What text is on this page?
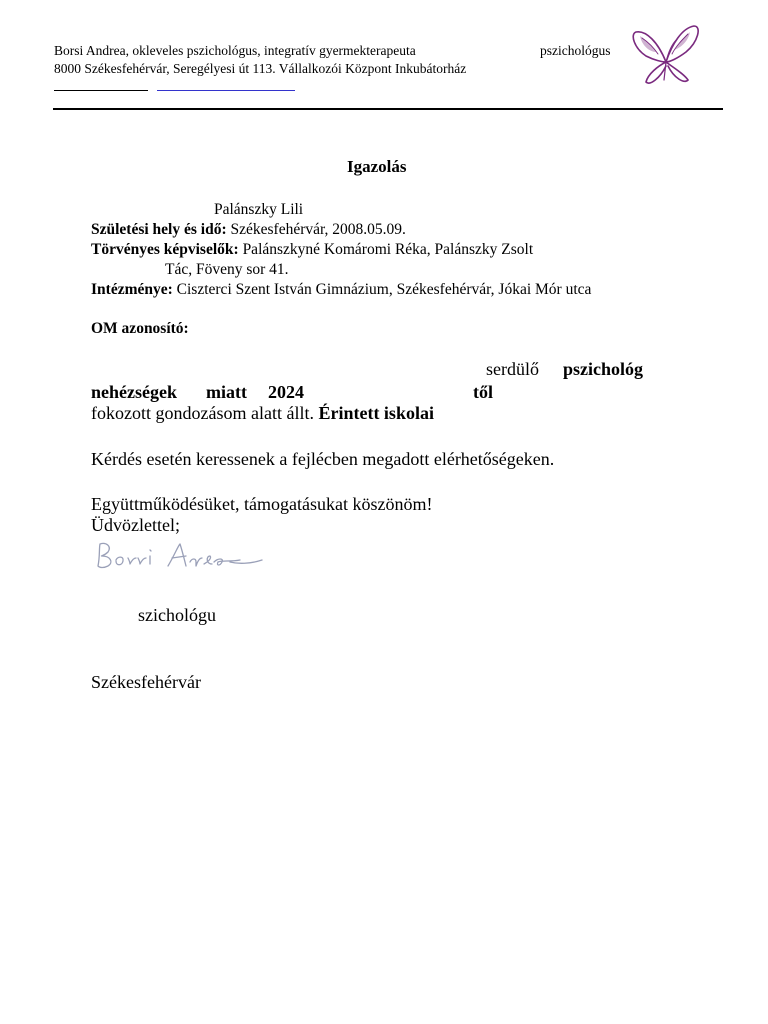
Borsi Andrea, okleveles pszichológus, integratív gyermekterapeuta	pszichológus
8000 Székesfehérvár, Seregélyesi út 113. Vállalkozói Központ Inkubátorház
Igazolás
Palánszky Lili
Születési hely és idő: Székesfehérvár, 2008.05.09.
Törvényes képviselők: Palánszkyné Komáromi Réka, Palánszky Zsolt
Tác, Föveny sor 41.
Intézménye: Ciszterci Szent István Gimnázium, Székesfehérvár, Jókai Mór utca
OM azonosító:
serdülő pszichológ
nehézségek miatt 2024	től
fokozott gondozásom alatt állt. Érintett iskolai
Kérdés esetén keressenek a fejlécben megadott elérhetőségeken.
Együttműködésüket, támogatásukat köszönöm!
Üdvözlettel;
szichológu
Székesfehérvár
